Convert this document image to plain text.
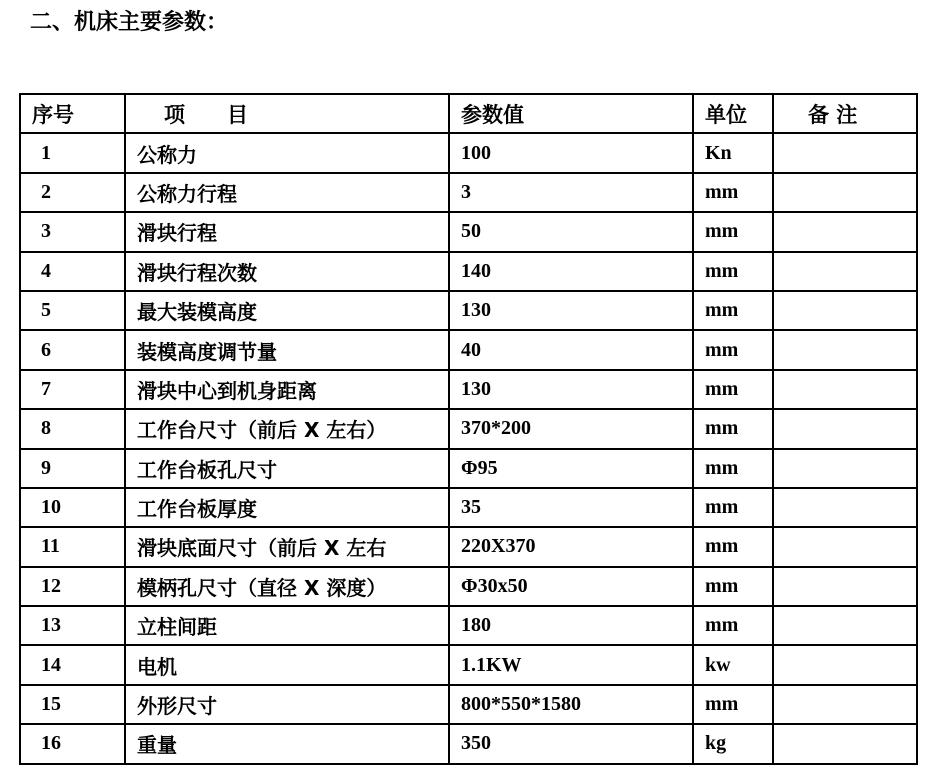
二、机床主要参数：
序号	项　　目	参数值	单位	备 注
1	公称力	100	Kn	
2	公称力行程	3	mm	
3	滑块行程	50	mm	
4	滑块行程次数	140	mm	
5	最大装模高度	130	mm	
6	装模高度调节量	40	mm	
7	滑块中心到机身距离	130	mm	
8	工作台尺寸（前后 X 左右）	370*200	mm	
9	工作台板孔尺寸	Φ95	mm	
10	工作台板厚度	35	mm	
11	滑块底面尺寸（前后 X 左右	220X370	mm	
12	模柄孔尺寸（直径 X 深度）	Φ30x50	mm	
13	立柱间距	180	mm	
14	电机	1.1KW	kw	
15	外形尺寸	800*550*1580	mm	
16	重量	350	kg	
